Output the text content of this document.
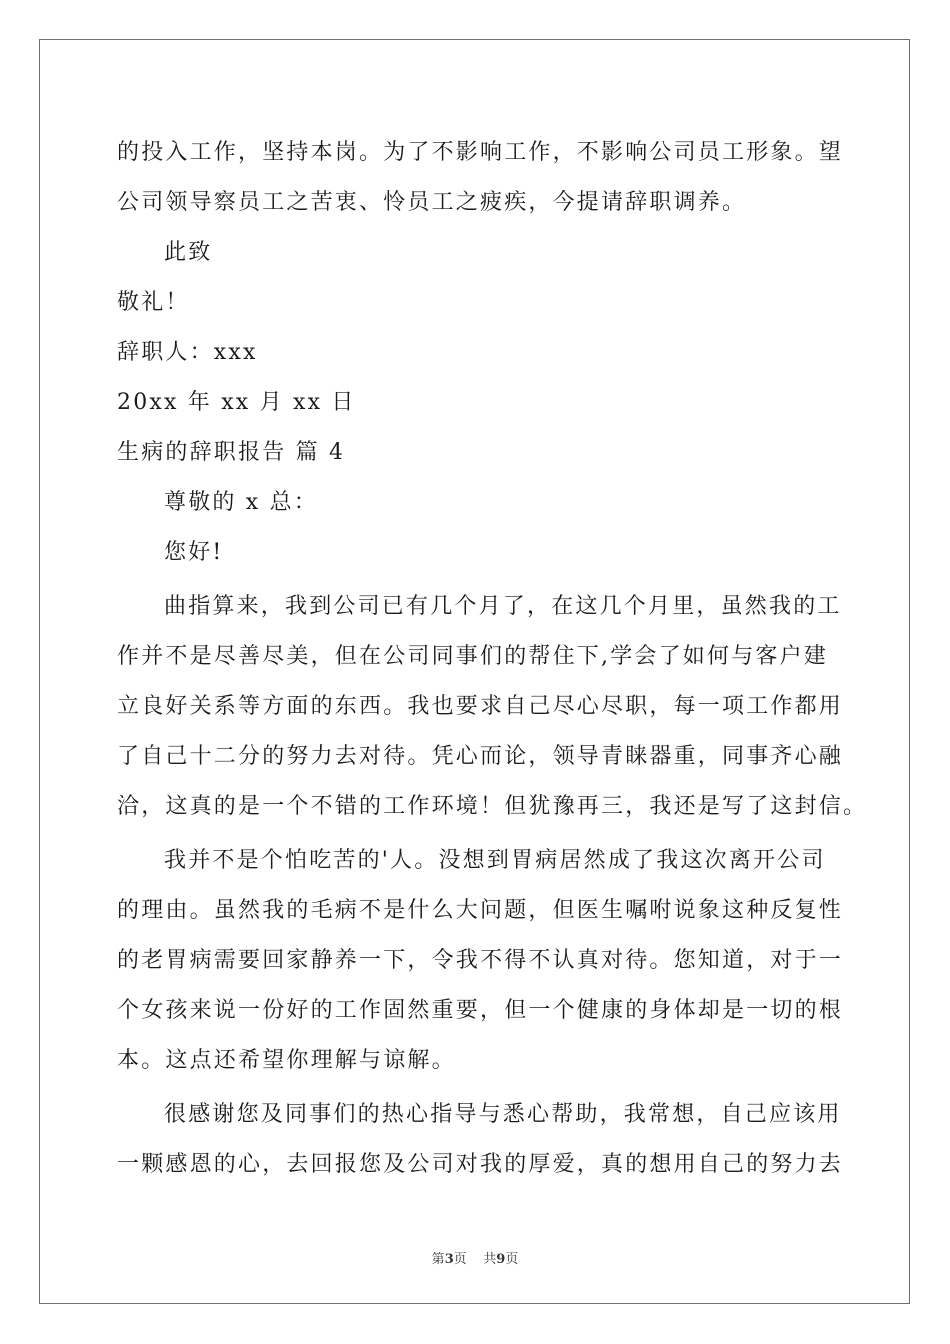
的投入工作，坚持本岗。为了不影响工作，不影响公司员工形象。望
公司领导察员工之苦衷、怜员工之疲疾，今提请辞职调养。
此致
敬礼！
辞职人：xxx
20xx 年 xx 月 xx 日
生病的辞职报告 篇 4
尊敬的 x 总：
您好!
曲指算来，我到公司已有几个月了，在这几个月里，虽然我的工
作并不是尽善尽美，但在公司同事们的帮住下,学会了如何与客户建
立良好关系等方面的东西。我也要求自己尽心尽职，每一项工作都用
了自己十二分的努力去对待。凭心而论，领导青睐器重，同事齐心融
洽，这真的是一个不错的工作环境！但犹豫再三，我还是写了这封信。
我并不是个怕吃苦的'人。没想到胃病居然成了我这次离开公司
的理由。虽然我的毛病不是什么大问题，但医生嘱咐说象这种反复性
的老胃病需要回家静养一下，令我不得不认真对待。您知道，对于一
个女孩来说一份好的工作固然重要，但一个健康的身体却是一切的根
本。这点还希望你理解与谅解。
很感谢您及同事们的热心指导与悉心帮助，我常想，自己应该用
一颗感恩的心，去回报您及公司对我的厚爱，真的想用自己的努力去
第3页    共9页
